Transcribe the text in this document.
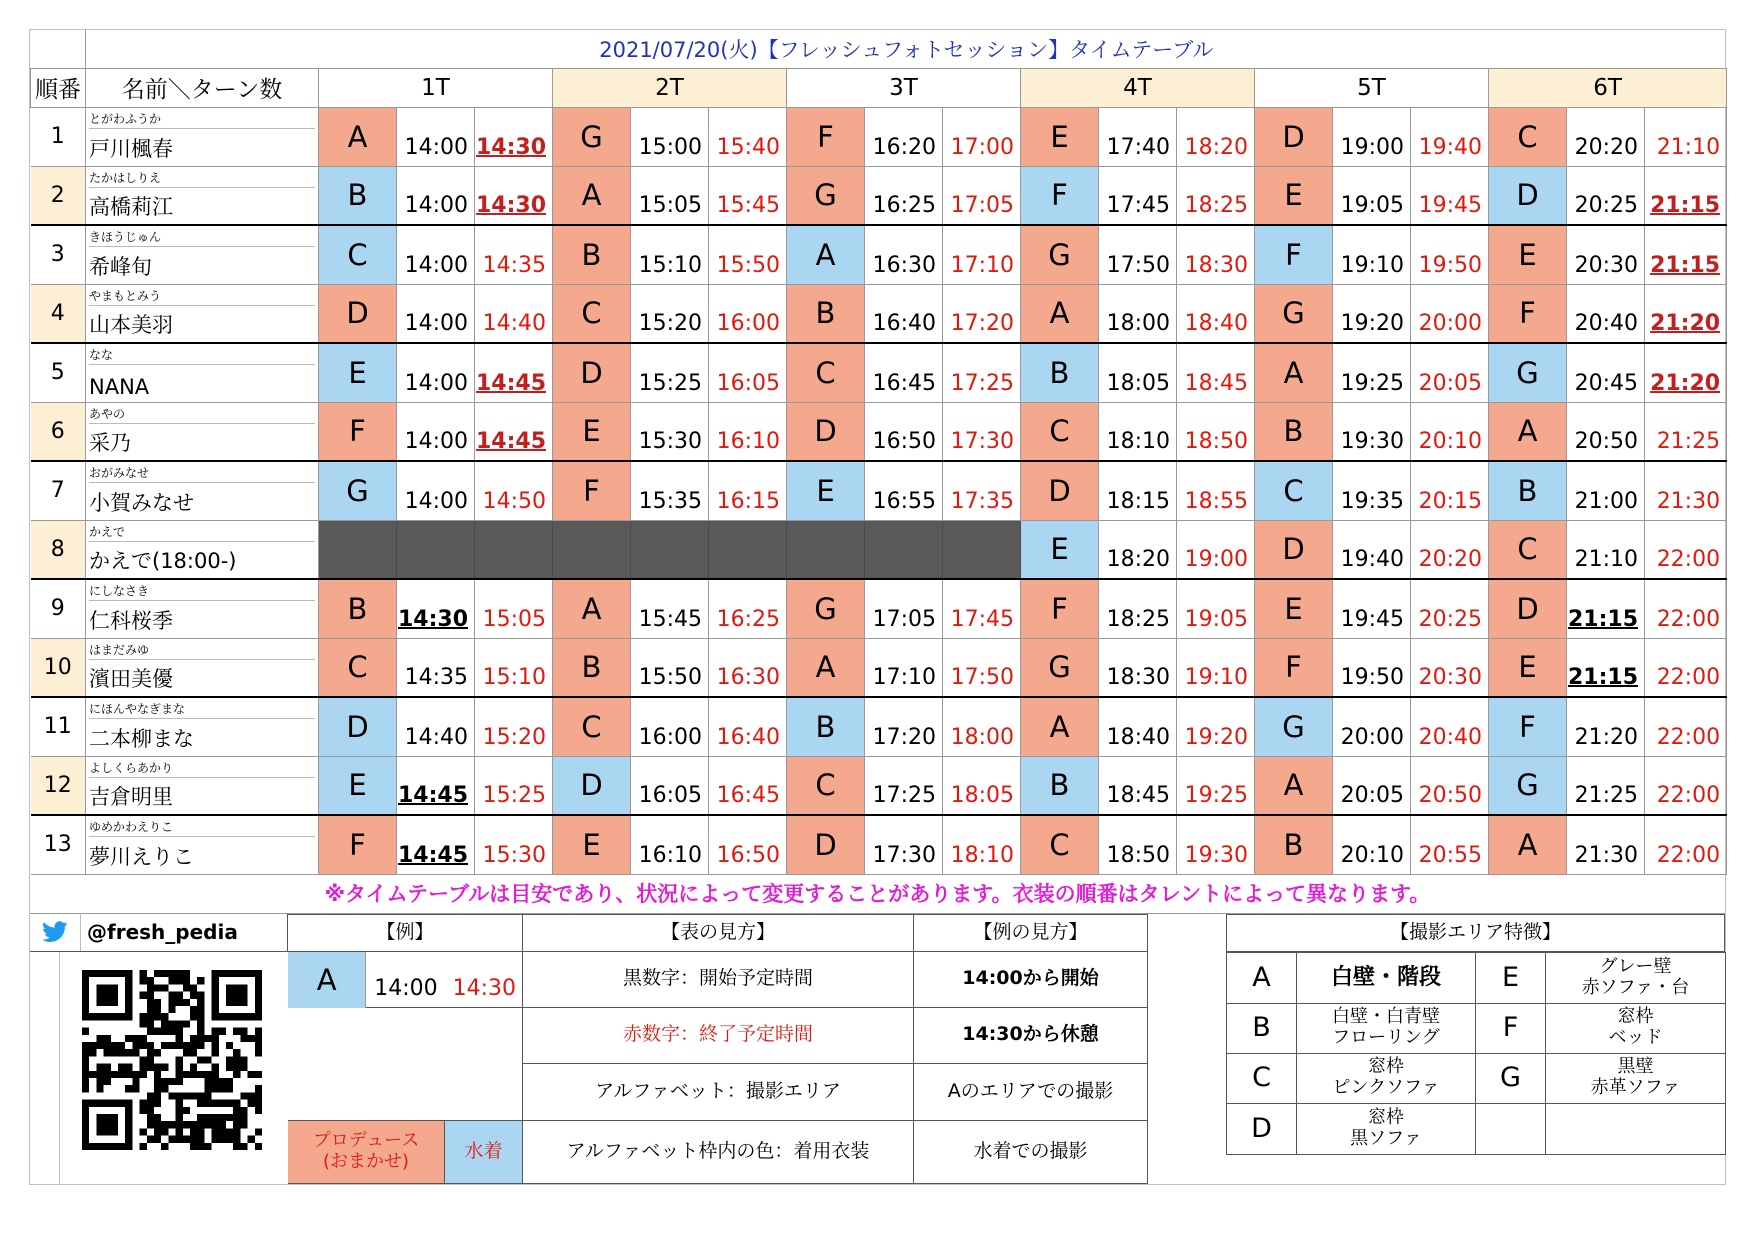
	2021/07/20(火)【フレッシュフォトセッション】タイムテーブル																		
順番	名前＼ターン数	1T			2T			3T			4T			5T			6T		
1	とがわふうか
戸川楓春	A	14:00	14:30	G	15:00	15:40	F	16:20	17:00	E	17:40	18:20	D	19:00	19:40	C	20:20	21:10
2	たかはしりえ
高橋莉江	B	14:00	14:30	A	15:05	15:45	G	16:25	17:05	F	17:45	18:25	E	19:05	19:45	D	20:25	21:15
3	きほうじゅん
希峰旬	C	14:00	14:35	B	15:10	15:50	A	16:30	17:10	G	17:50	18:30	F	19:10	19:50	E	20:30	21:15
4	やまもとみう
山本美羽	D	14:00	14:40	C	15:20	16:00	B	16:40	17:20	A	18:00	18:40	G	19:20	20:00	F	20:40	21:20
5	なな
NANA	E	14:00	14:45	D	15:25	16:05	C	16:45	17:25	B	18:05	18:45	A	19:25	20:05	G	20:45	21:20
6	あやの
采乃	F	14:00	14:45	E	15:30	16:10	D	16:50	17:30	C	18:10	18:50	B	19:30	20:10	A	20:50	21:25
7	おがみなせ
小賀みなせ	G	14:00	14:50	F	15:35	16:15	E	16:55	17:35	D	18:15	18:55	C	19:35	20:15	B	21:00	21:30
8	かえで
かえで(18:00-)										E	18:20	19:00	D	19:40	20:20	C	21:10	22:00
9	にしなさき
仁科桜季	B	14:30	15:05	A	15:45	16:25	G	17:05	17:45	F	18:25	19:05	E	19:45	20:25	D	21:15	22:00
10	はまだみゆ
濱田美優	C	14:35	15:10	B	15:50	16:30	A	17:10	17:50	G	18:30	19:10	F	19:50	20:30	E	21:15	22:00
11	にほんやなぎまな
二本柳まな	D	14:40	15:20	C	16:00	16:40	B	17:20	18:00	A	18:40	19:20	G	20:00	20:40	F	21:20	22:00
12	よしくらあかり
吉倉明里	E	14:45	15:25	D	16:05	16:45	C	17:25	18:05	B	18:45	19:25	A	20:05	20:50	G	21:25	22:00
13	ゆめかわえりこ
夢川えりこ	F	14:45	15:30	E	16:10	16:50	D	17:30	18:10	C	18:50	19:30	B	20:10	20:55	A	21:30	22:00
※タイムテーブルは目安であり、状況によって変更することがあります。衣装の順番はタレントによって異なります。
@fresh_pedia	【例】
A	14:00 14:30
プロデュース
(おまかせ)	水着
【表の見方】	【例の見方】
黒数字：開始予定時間	14:00から開始
赤数字：終了予定時間	14:30から休憩
アルファベット：撮影エリア	Aのエリアでの撮影
アルファベット枠内の色：着用衣装	水着での撮影
【撮影エリア特徴】
A	白壁・階段
B	白壁・白青壁
フローリング
C	窓枠
ピンクソファ
D	窓枠
黒ソファ
E	グレー壁
赤ソファ・台
F	窓枠
ベッド
G	黒壁
赤革ソファ
